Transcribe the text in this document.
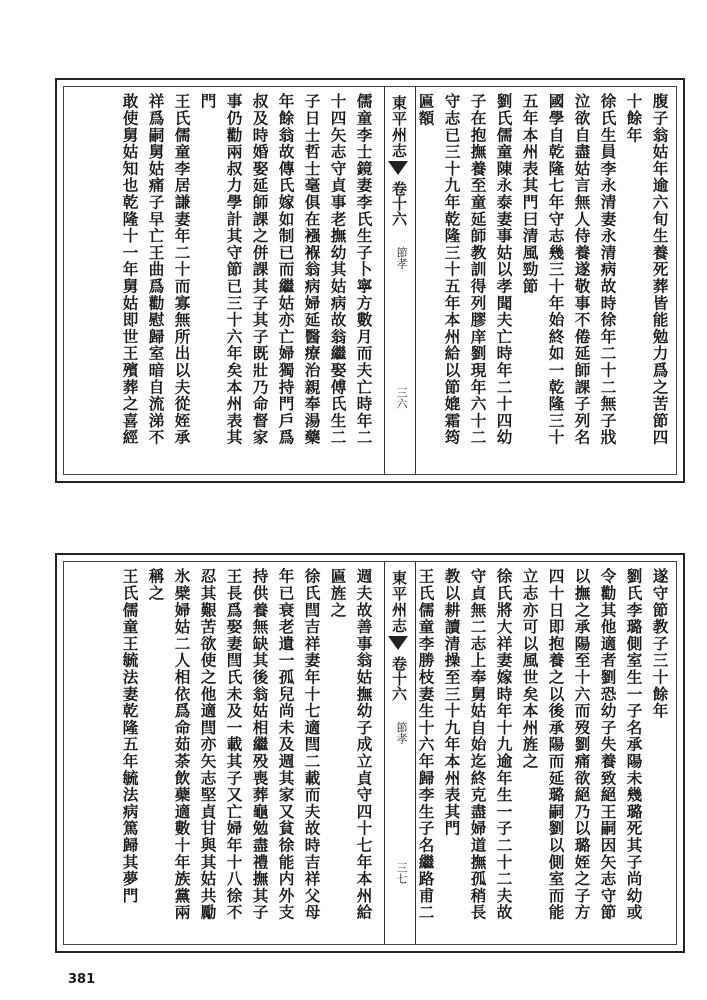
腹子翁姑年逾六旬生養死葬皆能勉力爲之苦節四
十餘年
徐氏生員李永清妻永清病故時徐年二十二無子戕
泣欲自盡姑言無人侍養遂敬事不倦延師課子列名
國學自乾隆七年守志幾三十年始終如一乾隆三十
五年本州表其門曰清風勁節
劉氏儒童陳永泰妻事姑以孝聞夫亡時年二十四幼
子在抱撫養至童延師教訓得列膠庠劉現年六十二
守志已三十九年乾隆三十五年本州給以節媲霜筠
匾額
東平州志
卷十六
節孝
三六
儒童李士鏡妻李氏生子卜寧方數月而夫亡時年二
十四矢志守貞事老撫幼其姑病故翁繼娶傅氏生二
子日士哲士毫俱在襁褓翁病婦延醫療治親奉湯藥
年餘翁故傳氏嫁如制已而繼姑亦亡婦獨持門戶爲
叔及時婚娶延師課之併課其子其子既壯乃命督家
事仍勸兩叔力學計其守節已三十六年矣本州表其
門
王氏儒童李居謙妻年二十而寡無所出以夫從姪承
祥爲嗣舅姑痛子早亡王曲爲勸慰歸室暗自流涕不
敢使舅姑知也乾隆十一年舅姑即世王殯葬之喜經
遂守節教子三十餘年
劉氏李璐側室生一子名承陽未幾璐死其子尚幼或
令勸其他適者劉恐幼子失養致絕王嗣因矢志守節
以撫之承陽至十六而歿劉痛欲絕乃以璐姪之子方
四十日即抱養之以後承陽而延璐嗣劉以側室而能
立志亦可以風世矣本州旌之
徐氏將大祥妻嫁時年十九逾年生一子二十二夫故
守貞無二志上奉舅姑自始迄終克盡婦道撫孤稍長
教以耕讀清操至三十九年本州表其門
王氏儒童李勝枝妻生十六年歸李生子名繼路甫二
東平州志
卷十六
節孝
三七
週夫故善事翁姑撫幼子成立貞守四十七年本州給
匾旌之
徐氏閆吉祥妻年十七適閆二載而夫故時吉祥父母
年已衰老遺一孤兒尚未及週其家又貧徐能内外支
持供養無缺其後翁姑相繼殁喪葬龜勉盡禮撫其子
王長爲娶妻閆氏未及一載其子又亡婦年十八徐不
忍其艱苦欲使之他適閆亦矢志堅貞甘與其姑共勵
氷檗婦姑二人相依爲命茹荼飲蘗適數十年族黨兩
稱之
王氏儒童王毓法妻乾隆五年毓法病篤歸其夢門
381
